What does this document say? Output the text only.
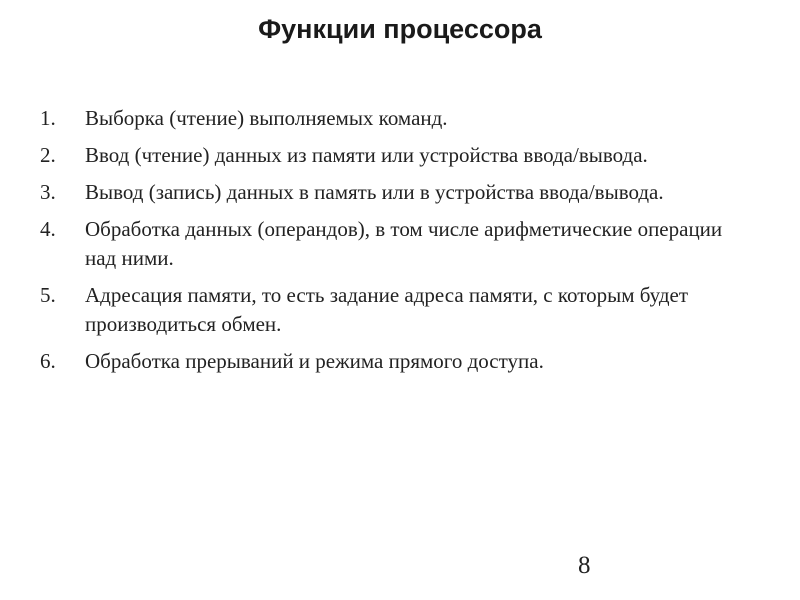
Функции процессора
1.	Выборка (чтение) выполняемых команд.
2.	Ввод (чтение) данных из памяти или устройства ввода/вывода.
3.	Вывод (запись) данных в память или в устройства ввода/вывода.
4.	Обработка данных (операндов), в том числе арифметические операции над ними.
5.	Адресация памяти, то есть задание адреса памяти, с которым будет производиться обмен.
6.	Обработка прерываний и режима прямого доступа.
8
